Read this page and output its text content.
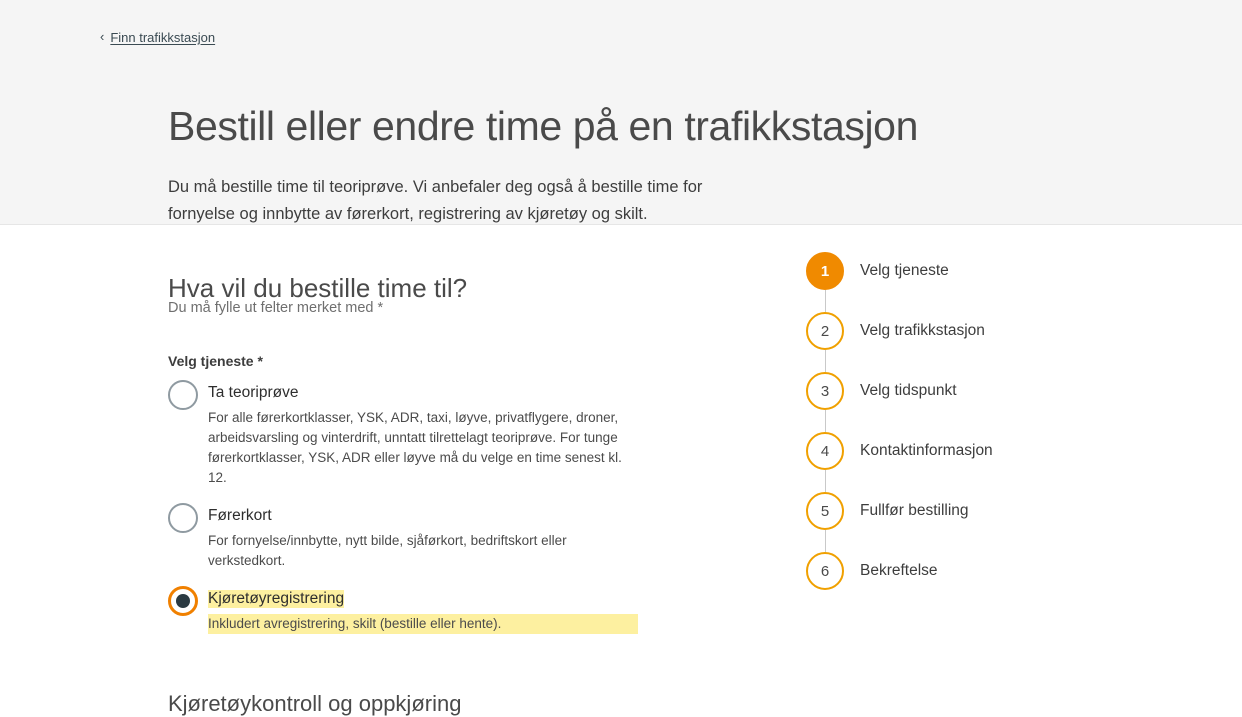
‹ Finn trafikkstasjon
Bestill eller endre time på en trafikkstasjon

Du må bestille time til teoriprøve. Vi anbefaler deg også å bestille time for fornyelse og innbytte av førerkort, registrering av kjøretøy og skilt.

Hva vil du bestille time til?
Du må fylle ut felter merket med *
Velg tjeneste *
Ta teoriprøve
For alle førerkortklasser, YSK, ADR, taxi, løyve, privatflygere, droner, arbeidsvarsling og vinterdrift, unntatt tilrettelagt teoriprøve. For tunge førerkortklasser, YSK, ADR eller løyve må du velge en time senest kl. 12.
Førerkort
For fornyelse/innbytte, nytt bilde, sjåførkort, bedriftskort eller verkstedkort.
Kjøretøyregistrering
Inkludert avregistrering, skilt (bestille eller hente).
Kjøretøykontroll og oppkjøring
1	Velg tjeneste
2	Velg trafikkstasjon
3	Velg tidspunkt
4	Kontaktinformasjon
5	Fullfør bestilling
6	Bekreftelse
